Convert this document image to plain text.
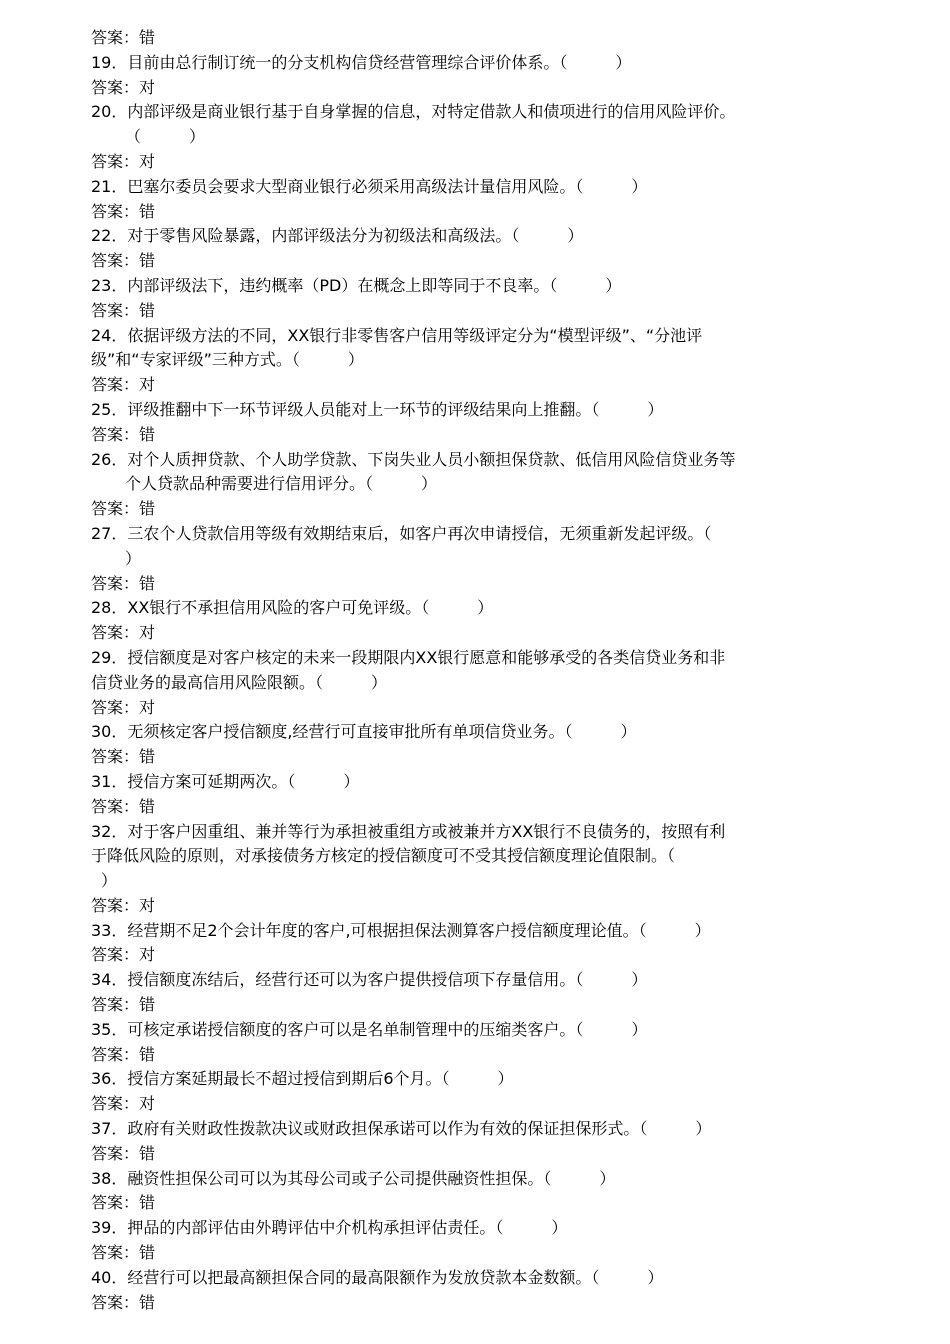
答案：错
19．目前由总行制订统一的分支机构信贷经营管理综合评价体系。（　　　）
答案：对
20．内部评级是商业银行基于自身掌握的信息，对特定借款人和债项进行的信用风险评价。
（　　　）
答案：对
21．巴塞尔委员会要求大型商业银行必须采用高级法计量信用风险。（　　　）
答案：错
22．对于零售风险暴露，内部评级法分为初级法和高级法。（　　　）
答案：错
23．内部评级法下，违约概率（PD）在概念上即等同于不良率。（　　　）
答案：错
24．依据评级方法的不同，XX银行非零售客户信用等级评定分为“模型评级”、“分池评
级”和“专家评级”三种方式。（　　　）
答案：对
25．评级推翻中下一环节评级人员能对上一环节的评级结果向上推翻。（　　　）
答案：错
26．对个人质押贷款、个人助学贷款、下岗失业人员小额担保贷款、低信用风险信贷业务等
个人贷款品种需要进行信用评分。（　　　）
答案：错
27．三农个人贷款信用等级有效期结束后，如客户再次申请授信，无须重新发起评级。（
）
答案：错
28．XX银行不承担信用风险的客户可免评级。（　　　）
答案：对
29．授信额度是对客户核定的未来一段期限内XX银行愿意和能够承受的各类信贷业务和非
信贷业务的最高信用风险限额。（　　　）
答案：对
30．无须核定客户授信额度,经营行可直接审批所有单项信贷业务。（　　　）
答案：错
31．授信方案可延期两次。（　　　）
答案：错
32．对于客户因重组、兼并等行为承担被重组方或被兼并方XX银行不良债务的，按照有利
于降低风险的原则，对承接债务方核定的授信额度可不受其授信额度理论值限制。（
）
答案：对
33．经营期不足2个会计年度的客户,可根据担保法测算客户授信额度理论值。（　　　）
答案：对
34．授信额度冻结后，经营行还可以为客户提供授信项下存量信用。（　　　）
答案：错
35．可核定承诺授信额度的客户可以是名单制管理中的压缩类客户。（　　　）
答案：错
36．授信方案延期最长不超过授信到期后6个月。（　　　）
答案：对
37．政府有关财政性拨款决议或财政担保承诺可以作为有效的保证担保形式。（　　　）
答案：错
38．融资性担保公司可以为其母公司或子公司提供融资性担保。（　　　）
答案：错
39．押品的内部评估由外聘评估中介机构承担评估责任。（　　　）
答案：错
40．经营行可以把最高额担保合同的最高限额作为发放贷款本金数额。（　　　）
答案：错
